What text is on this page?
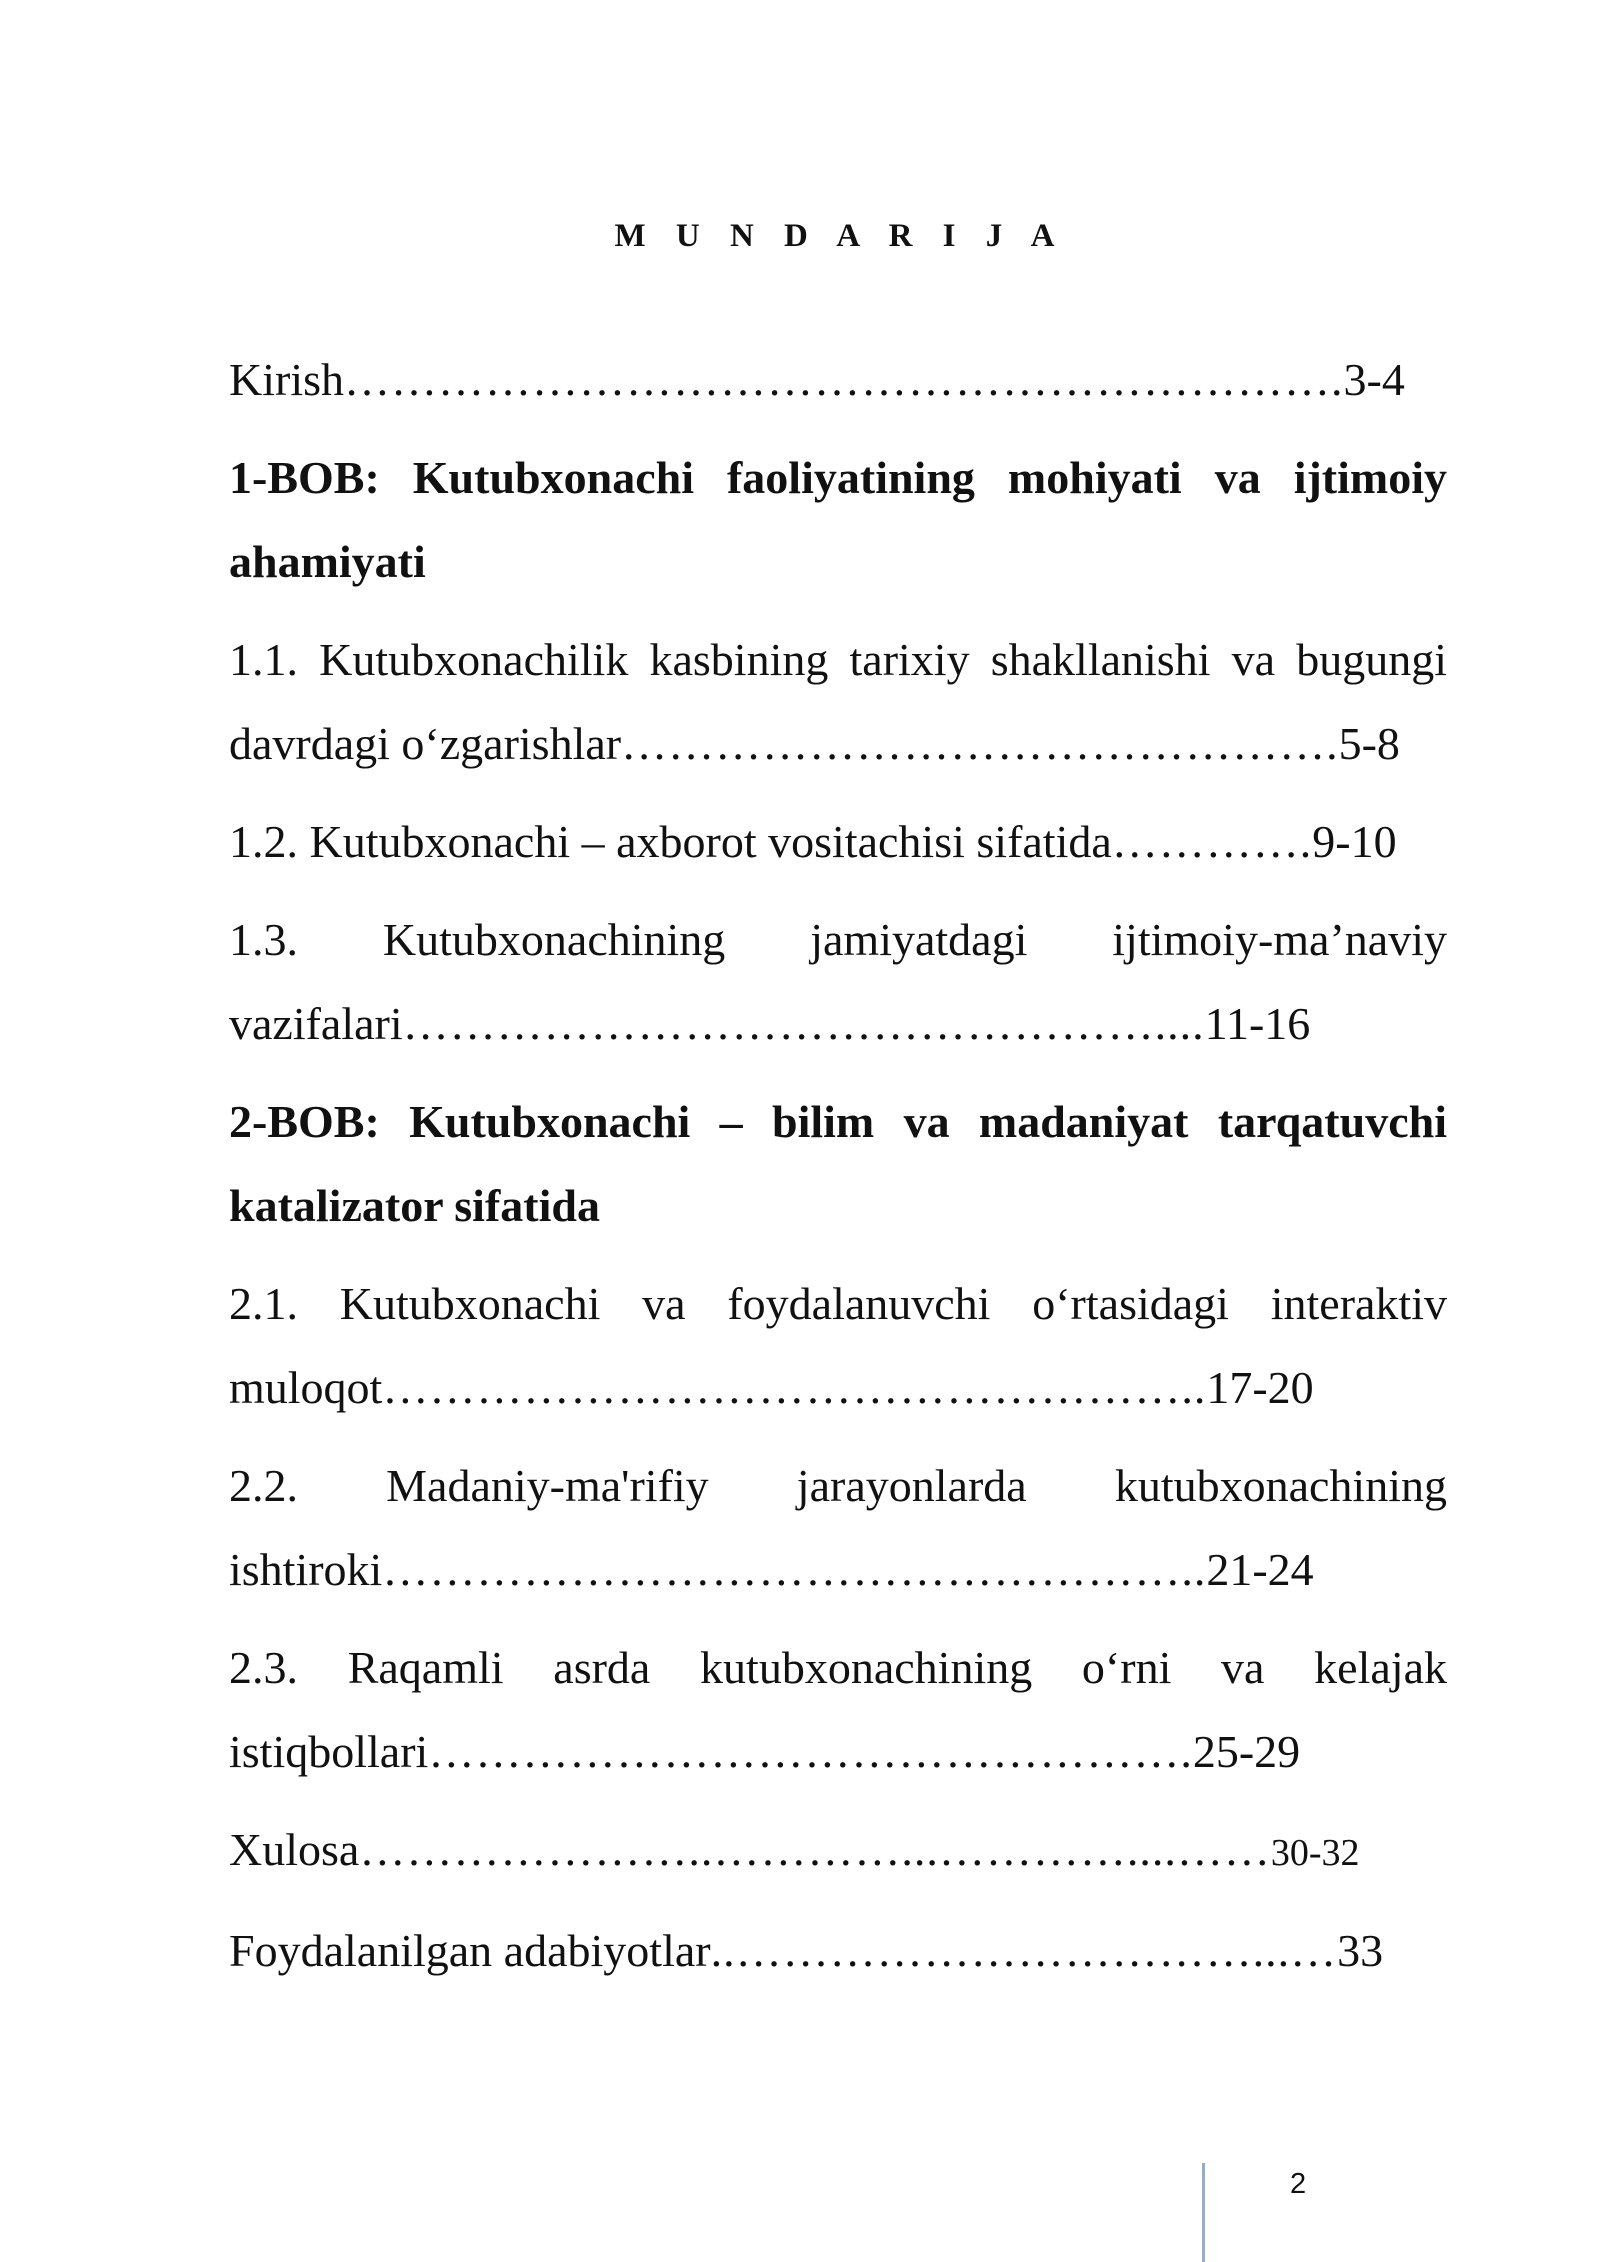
M U N D A R I J A

Kirish……………………………………………………….3-4

1-BOB: Kutubxonachi faoliyatining mohiyati va ijtimoiy ahamiyati

1.1. Kutubxonachilik kasbining tarixiy shakllanishi va bugungi davrdagi o‘zgarishlar……………………………………….5-8

1.2. Kutubxonachi – axborot vositachisi sifatida………….9-10

1.3. Kutubxonachining jamiyatdagi ijtimoiy-ma’naviy vazifalari…………………………………………....11-16

2-BOB: Kutubxonachi – bilim va madaniyat tarqatuvchi katalizator sifatida

2.1. Kutubxonachi va foydalanuvchi o‘rtasidagi interaktiv muloqot……………………………………………..17-20

2.2. Madaniy-ma'rifiy jarayonlarda kutubxonachining ishtiroki……………………………………………..21-24

2.3. Raqamli asrda kutubxonachining o‘rni va kelajak istiqbollari………………………………………….25-29

Xulosa…………………..…………...…………....……30-32

Foydalanilgan adabiyotlar..……………………………...…33

2
